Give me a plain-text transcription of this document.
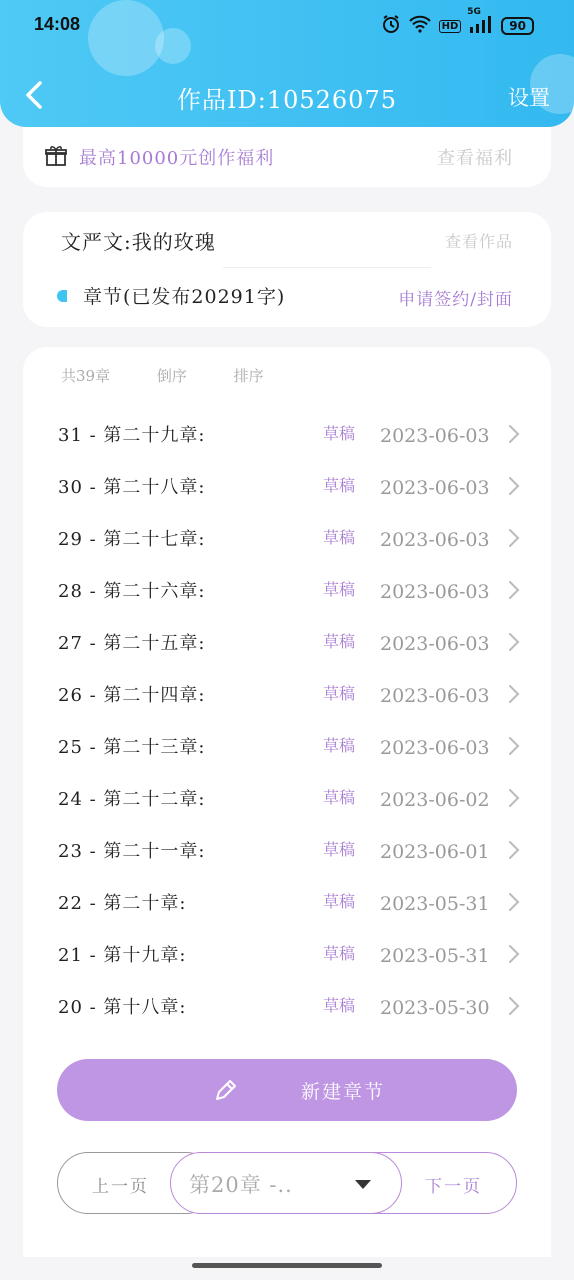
14:08	HD
5G
90
作品ID:10526075	设置
最高10000元创作福利	查看福利
文严文:我的玫瑰	查看作品
章节(已发布20291字)	申请签约/封面
共39章	倒序	排序
31 - 第二十九章:	草稿 2023-06-03
30 - 第二十八章:	草稿 2023-06-03
29 - 第二十七章:	草稿 2023-06-03
28 - 第二十六章:	草稿 2023-06-03
27 - 第二十五章:	草稿 2023-06-03
26 - 第二十四章:	草稿 2023-06-03
25 - 第二十三章:	草稿 2023-06-03
24 - 第二十二章:	草稿 2023-06-02
23 - 第二十一章:	草稿 2023-06-01
22 - 第二十章:	草稿 2023-05-31
21 - 第十九章:	草稿 2023-05-31
20 - 第十八章:	草稿 2023-05-30
新建章节
上一页	下一页
第20章 -..
